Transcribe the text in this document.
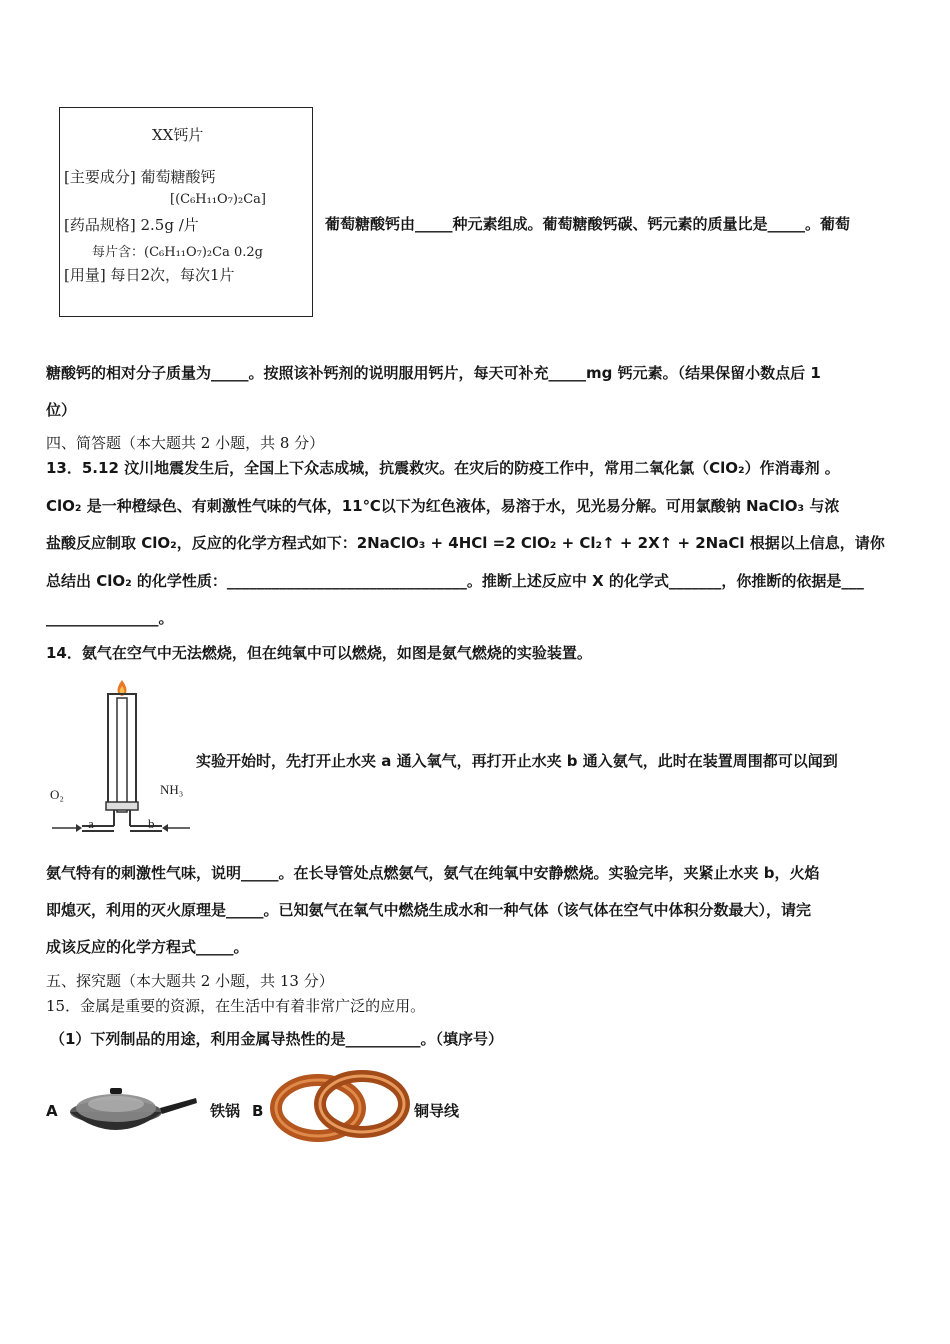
XX钙片
[主要成分] 葡萄糖酸钙
[(C₆H₁₁O₇)₂Ca]
[药品规格] 2.5g /片
每片含：(C₆H₁₁O₇)₂Ca 0.2g
[用量] 每日2次，每次1片
葡萄糖酸钙由_____种元素组成。葡萄糖酸钙碳、钙元素的质量比是_____。葡萄
糖酸钙的相对分子质量为_____。按照该补钙剂的说明服用钙片，每天可补充_____mg 钙元素。（结果保留小数点后 1
位）
四、简答题（本大题共 2 小题，共 8 分）
13．5.12 汶川地震发生后，全国上下众志成城，抗震救灾。在灾后的防疫工作中，常用二氧化氯（ClO₂）作消毒剂 。
ClO₂ 是一种橙绿色、有刺激性气味的气体，11℃以下为红色液体，易溶于水，见光易分解。可用氯酸钠 NaClO₃ 与浓
盐酸反应制取 ClO₂，反应的化学方程式如下：2NaClO₃ + 4HCl =2 ClO₂ + Cl₂↑ + 2X↑ + 2NaCl 根据以上信息，请你
总结出 ClO₂ 的化学性质：________________________________。推断上述反应中 X 的化学式_______，你推断的依据是___
_______________。
14．氨气在空气中无法燃烧，但在纯氧中可以燃烧，如图是氨气燃烧的实验装置。
O₂	NH₃
a	b
实验开始时，先打开止水夹 a 通入氧气，再打开止水夹 b 通入氨气，此时在装置周围都可以闻到
氨气特有的刺激性气味，说明_____。在长导管处点燃氨气，氨气在纯氧中安静燃烧。实验完毕，夹紧止水夹 b，火焰
即熄灭，利用的灭火原理是_____。已知氨气在氧气中燃烧生成水和一种气体（该气体在空气中体积分数最大），请完
成该反应的化学方程式_____。
五、探究题（本大题共 2 小题，共 13 分）
15．金属是重要的资源，在生活中有着非常广泛的应用。
（1）下列制品的用途，利用金属导热性的是__________。（填序号）
A	铁锅 B	铜导线
